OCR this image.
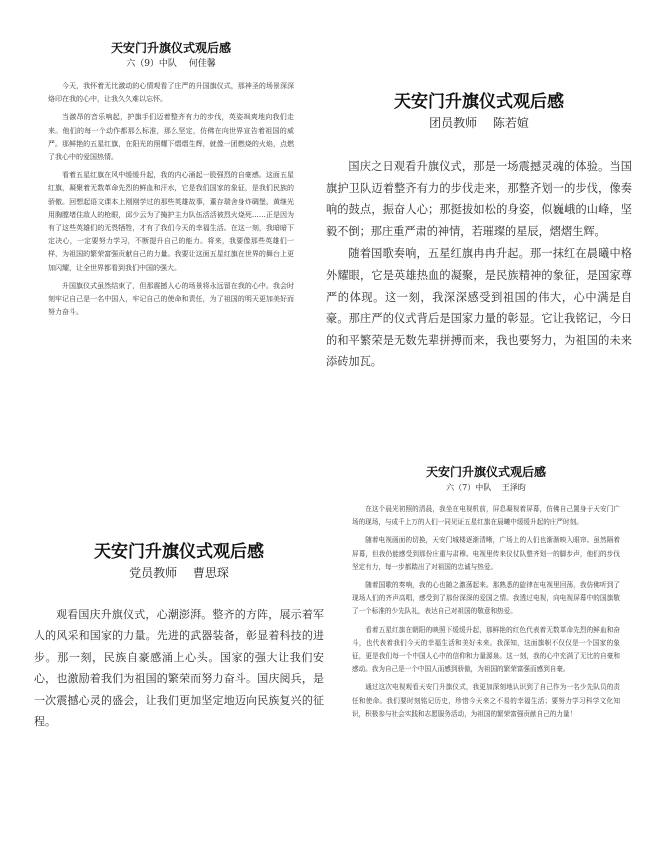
天安门升旗仪式观后感
六（9）中队　 何佳馨

今天，我怀着无比激动的心情观看了庄严的升国旗仪式，那神圣的场景深深烙印在我的心中，让我久久难以忘怀。

当激昂的音乐响起，护旗手们迈着整齐有力的步伐，英姿飒爽地向我们走来。他们的每一个动作都那么标准，那么坚定，仿佛在向世界宣告着祖国的威严。那鲜艳的五星红旗，在阳光的照耀下熠熠生辉，就像一团燃烧的火焰，点燃了我心中的爱国热情。

看着五星红旗在风中缓缓升起，我的内心涌起一股强烈的自豪感。这面五星红旗，凝聚着无数革命先烈的鲜血和汗水，它是我们国家的象征，是我们民族的骄傲。回想起语文课本上刚刚学过的那些英雄故事，董存瑞舍身炸碉堡、黄继光用胸膛堵住敌人的枪眼，邱少云为了掩护主力队伍活活被烈火烧死……正是因为有了这些英雄们的无畏牺牲，才有了我们今天的幸福生活。在这一刻，我暗暗下定决心，一定要努力学习，不断提升自己的能力。将来，我要像那些英雄们一样，为祖国的繁荣富强贡献自己的力量。我要让这面五星红旗在世界的舞台上更加闪耀，让全世界都看到我们中国的强大。

升国旗仪式虽然结束了，但那震撼人心的场景将永远留在我的心中。我会时刻牢记自己是一名中国人，牢记自己的使命和责任，为了祖国的明天更加美好而努力奋斗。

天安门升旗仪式观后感
团员教师　 陈若媗

国庆之日观看升旗仪式，那是一场震撼灵魂的体验。当国旗护卫队迈着整齐有力的步伐走来，那整齐划一的步伐，像奏响的鼓点，振奋人心；那挺拔如松的身姿，似巍峨的山峰，坚毅不倒；那庄重严肃的神情，若璀璨的星辰，熠熠生辉。

随着国歌奏响，五星红旗冉冉升起。那一抹红在晨曦中格外耀眼，它是英雄热血的凝聚，是民族精神的象征，是国家尊严的体现。这一刻，我深深感受到祖国的伟大，心中满是自豪。那庄严的仪式背后是国家力量的彰显。它让我铭记，今日的和平繁荣是无数先辈拼搏而来，我也要努力，为祖国的未来添砖加瓦。

天安门升旗仪式观后感
党员教师　 曹思琛

观看国庆升旗仪式，心潮澎湃。整齐的方阵，展示着军人的风采和国家的力量。先进的武器装备，彰显着科技的进步。那一刻，民族自豪感涌上心头。国家的强大让我们安心，也激励着我们为祖国的繁荣而努力奋斗。国庆阅兵，是一次震撼心灵的盛会，让我们更加坚定地迈向民族复兴的征程。

天安门升旗仪式观后感
六（7）中队　 王泽昀

在这个晨光初照的清晨，我坐在电视机前，屏息凝视着屏幕，仿佛自己置身于天安门广场的现场，与成千上万的人们一同见证五星红旗在晨曦中缓缓升起的庄严时刻。

随着电视画面的切换，天安门城楼逐渐清晰，广场上的人们也渐渐映入眼帘。虽然隔着屏幕，但我仍能感受到那份庄重与肃穆。电视里传来仪仗队整齐划一的脚步声，他们的步伐坚定有力，每一步都踏出了对祖国的忠诚与热爱。

随着国歌的奏响，我的心也随之激荡起来。那熟悉的旋律在电视里回荡，我仿佛听到了现场人们的齐声高唱，感受到了那份深深的爱国之情。我透过电视，向电视屏幕中的国旗敬了一个标准的少先队礼，表达自己对祖国的敬意和热爱。

看着五星红旗在朝阳的映照下缓缓升起，那鲜艳的红色代表着无数革命先烈的鲜血和奋斗，也代表着我们今天的幸福生活和美好未来。我深知，这面旗帜不仅仅是一个国家的象征，更是我们每一个中国人心中的信仰和力量源泉。这一刻，我的心中充满了无比的自豪和感动。我为自己是一个中国人而感到骄傲，为祖国的繁荣富强而感到自豪。

通过这次电视观看天安门升旗仪式，我更加深刻地认识到了自己作为一名少先队员的责任和使命。我们要时刻铭记历史，珍惜今天来之不易的幸福生活；要努力学习科学文化知识，积极参与社会实践和志愿服务活动，为祖国的繁荣富强贡献自己的力量！
